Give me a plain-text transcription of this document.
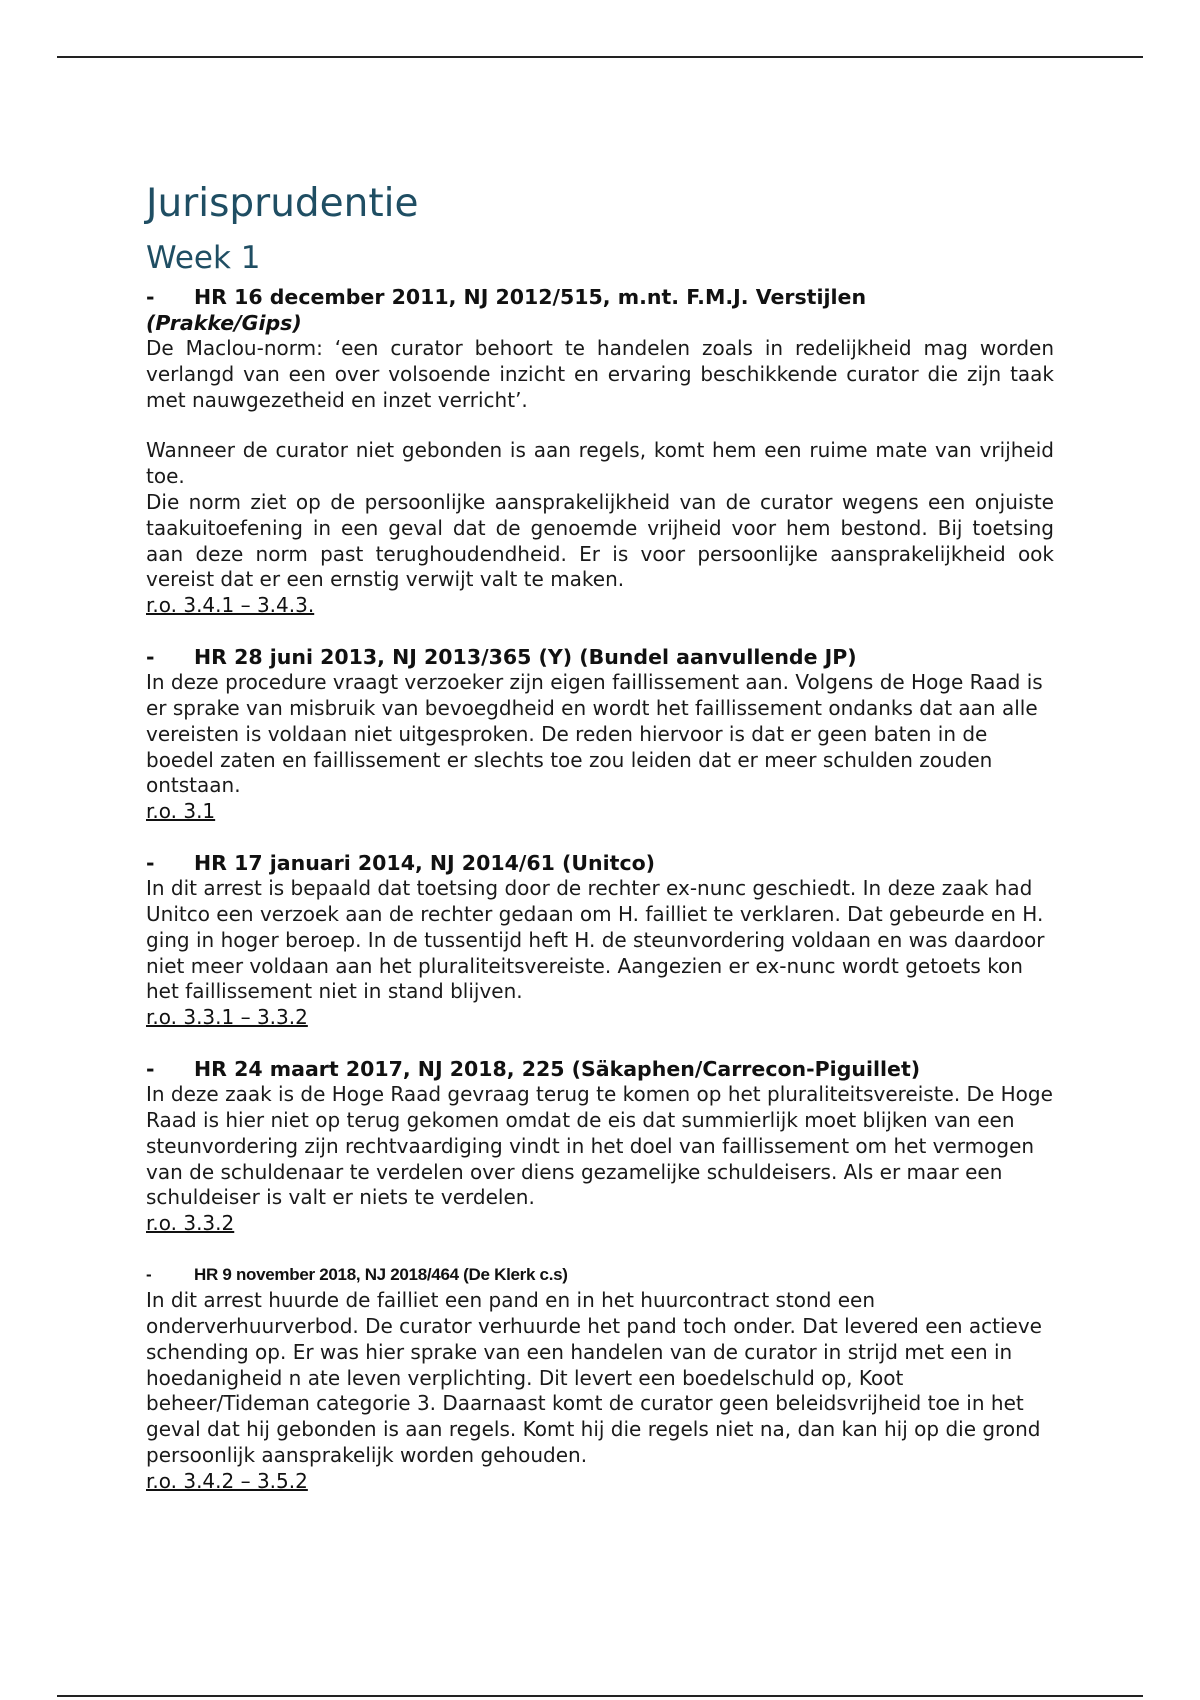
Jurisprudentie
Week 1
- HR 16 december 2011, NJ 2012/515, m.nt. F.M.J. Verstijlen
(Prakke/Gips)

De Maclou-norm: ‘een curator behoort te handelen zoals in redelijkheid mag worden verlangd van een over volsoende inzicht en ervaring beschikkende curator die zijn taak met nauwgezetheid en inzet verricht’.

Wanneer de curator niet gebonden is aan regels, komt hem een ruime mate van vrijheid toe.

Die norm ziet op de persoonlijke aansprakelijkheid van de curator wegens een onjuiste taakuitoefening in een geval dat de genoemde vrijheid voor hem bestond. Bij toetsing aan deze norm past terughoudendheid. Er is voor persoonlijke aansprakelijkheid ook vereist dat er een ernstig verwijt valt te maken.

r.o. 3.4.1 – 3.4.3.
- HR 28 juni 2013, NJ 2013/365 (Y) (Bundel aanvullende JP)

In deze procedure vraagt verzoeker zijn eigen faillissement aan. Volgens de Hoge Raad is er sprake van misbruik van bevoegdheid en wordt het faillissement ondanks dat aan alle vereisten is voldaan niet uitgesproken. De reden hiervoor is dat er geen baten in de boedel zaten en faillissement er slechts toe zou leiden dat er meer schulden zouden ontstaan.

r.o. 3.1
- HR 17 januari 2014, NJ 2014/61 (Unitco)

In dit arrest is bepaald dat toetsing door de rechter ex-nunc geschiedt. In deze zaak had Unitco een verzoek aan de rechter gedaan om H. failliet te verklaren. Dat gebeurde en H. ging in hoger beroep. In de tussentijd heft H. de steunvordering voldaan en was daardoor niet meer voldaan aan het pluraliteitsvereiste. Aangezien er ex-nunc wordt getoets kon het faillissement niet in stand blijven.

r.o. 3.3.1 – 3.3.2
- HR 24 maart 2017, NJ 2018, 225 (Säkaphen/Carrecon-Piguillet)

In deze zaak is de Hoge Raad gevraag terug te komen op het pluraliteitsvereiste. De Hoge Raad is hier niet op terug gekomen omdat de eis dat summierlijk moet blijken van een steunvordering zijn rechtvaardiging vindt in het doel van faillissement om het vermogen van de schuldenaar te verdelen over diens gezamelijke schuldeisers. Als er maar een schuldeiser is valt er niets te verdelen.

r.o. 3.3.2
-	HR 9 november 2018, NJ 2018/464 (De Klerk c.s)

In dit arrest huurde de failliet een pand en in het huurcontract stond een onderverhuurverbod. De curator verhuurde het pand toch onder. Dat levered een actieve schending op. Er was hier sprake van een handelen van de curator in strijd met een in hoedanigheid n ate leven verplichting. Dit levert een boedelschuld op, Koot beheer/Tideman categorie 3. Daarnaast komt de curator geen beleidsvrijheid toe in het geval dat hij gebonden is aan regels. Komt hij die regels niet na, dan kan hij op die grond persoonlijk aansprakelijk worden gehouden.

r.o. 3.4.2 – 3.5.2
